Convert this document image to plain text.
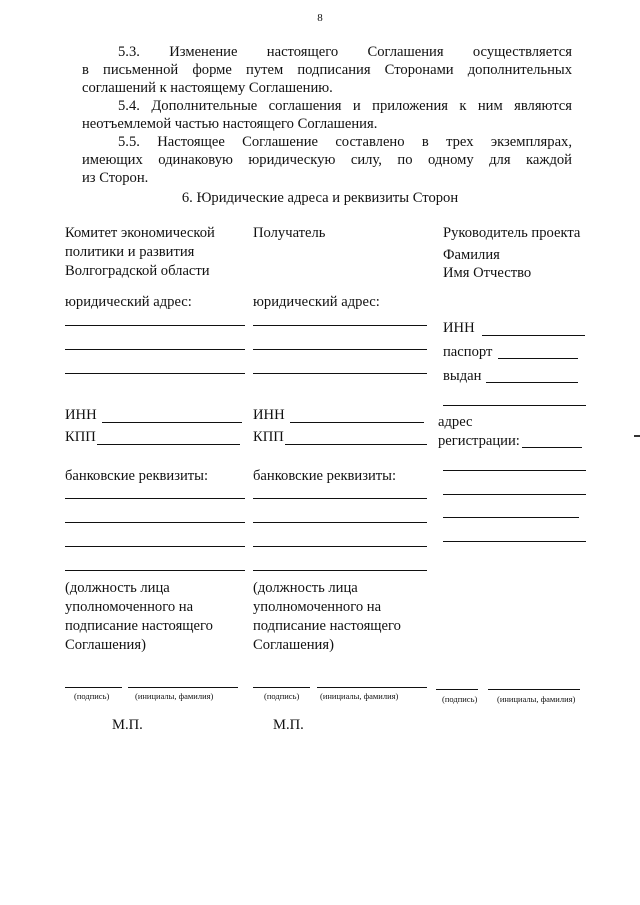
8
5.3. Изменение настоящего Соглашения осуществляется
в письменной форме путем подписания Сторонами дополнительных
соглашений к настоящему Соглашению.
5.4. Дополнительные соглашения и приложения к ним являются
неотъемлемой частью настоящего Соглашения.
5.5. Настоящее Соглашение составлено в трех экземплярах,
имеющих одинаковую юридическую силу, по одному для каждой
из Сторон.
6. Юридические адреса и реквизиты Сторон
Комитет экономической
политики и развития
Волгоградской области
юридический адрес:
ИНН
КПП
банковские реквизиты:
(должность лица
уполномоченного на
подписание настоящего
Соглашения)
(подпись)	(инициалы, фамилия)
М.П.
Получатель
юридический адрес:
ИНН
КПП
банковские реквизиты:
(должность лица
уполномоченного на
подписание настоящего
Соглашения)
(подпись) (инициалы, фамилия)
М.П.
Руководитель проекта
Фамилия
Имя Отчество
ИНН
паспорт
выдан
адрес
регистрации:
(подпись) (инициалы, фамилия)
